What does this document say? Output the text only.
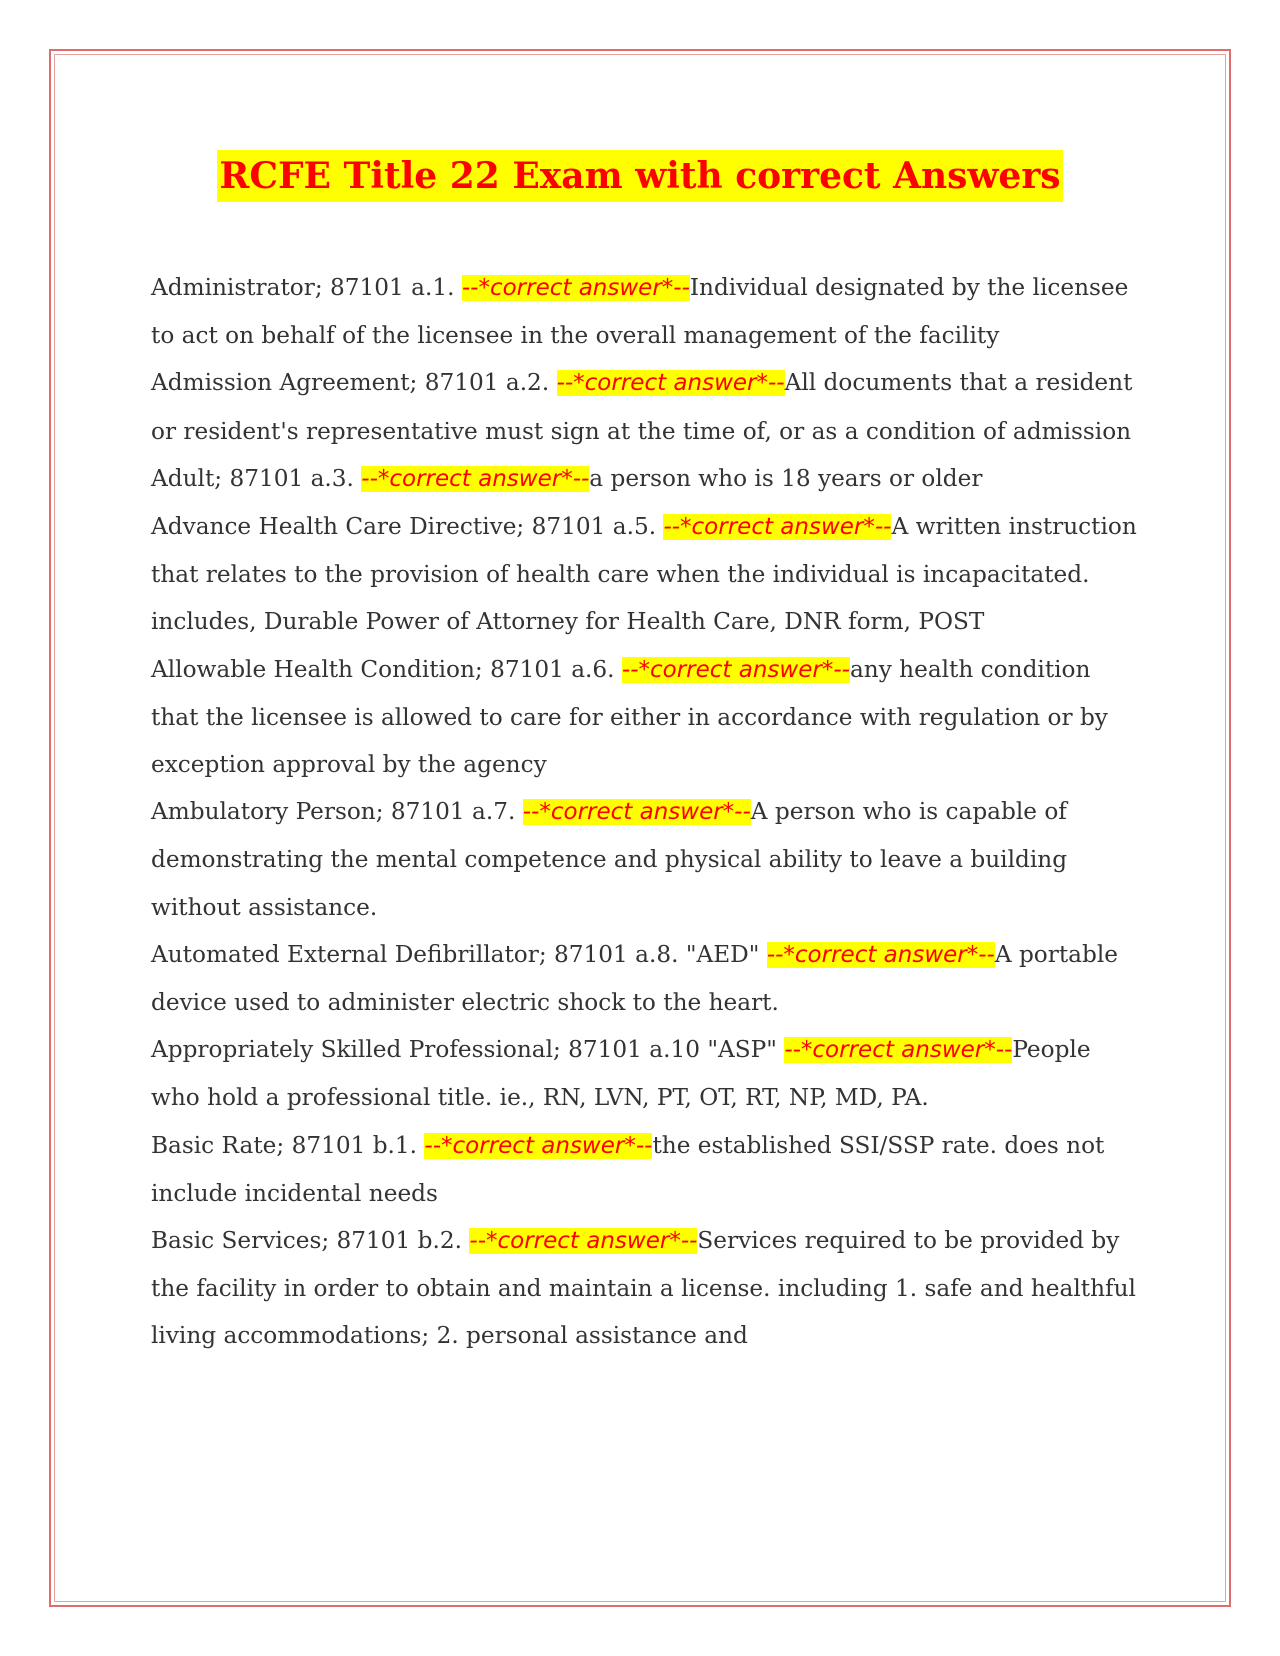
RCFE Title 22 Exam with correct Answers

Administrator; 87101 a.1. --*correct answer*--Individual designated by the licensee to act on behalf of the licensee in the overall management of the facility

Admission Agreement; 87101 a.2. --*correct answer*--All documents that a resident or resident's representative must sign at the time of, or as a condition of admission

Adult; 87101 a.3. --*correct answer*--a person who is 18 years or older

Advance Health Care Directive; 87101 a.5. --*correct answer*--A written instruction that relates to the provision of health care when the individual is incapacitated. includes, Durable Power of Attorney for Health Care, DNR form, POST

Allowable Health Condition; 87101 a.6. --*correct answer*--any health condition that the licensee is allowed to care for either in accordance with regulation or by exception approval by the agency

Ambulatory Person; 87101 a.7. --*correct answer*--A person who is capable of demonstrating the mental competence and physical ability to leave a building without assistance.

Automated External Defibrillator; 87101 a.8. "AED" --*correct answer*--A portable device used to administer electric shock to the heart.

Appropriately Skilled Professional; 87101 a.10 "ASP" --*correct answer*--People who hold a professional title. ie., RN, LVN, PT, OT, RT, NP, MD, PA.

Basic Rate; 87101 b.1. --*correct answer*--the established SSI/SSP rate. does not include incidental needs

Basic Services; 87101 b.2. --*correct answer*--Services required to be provided by the facility in order to obtain and maintain a license. including 1. safe and healthful living accommodations; 2. personal assistance and
